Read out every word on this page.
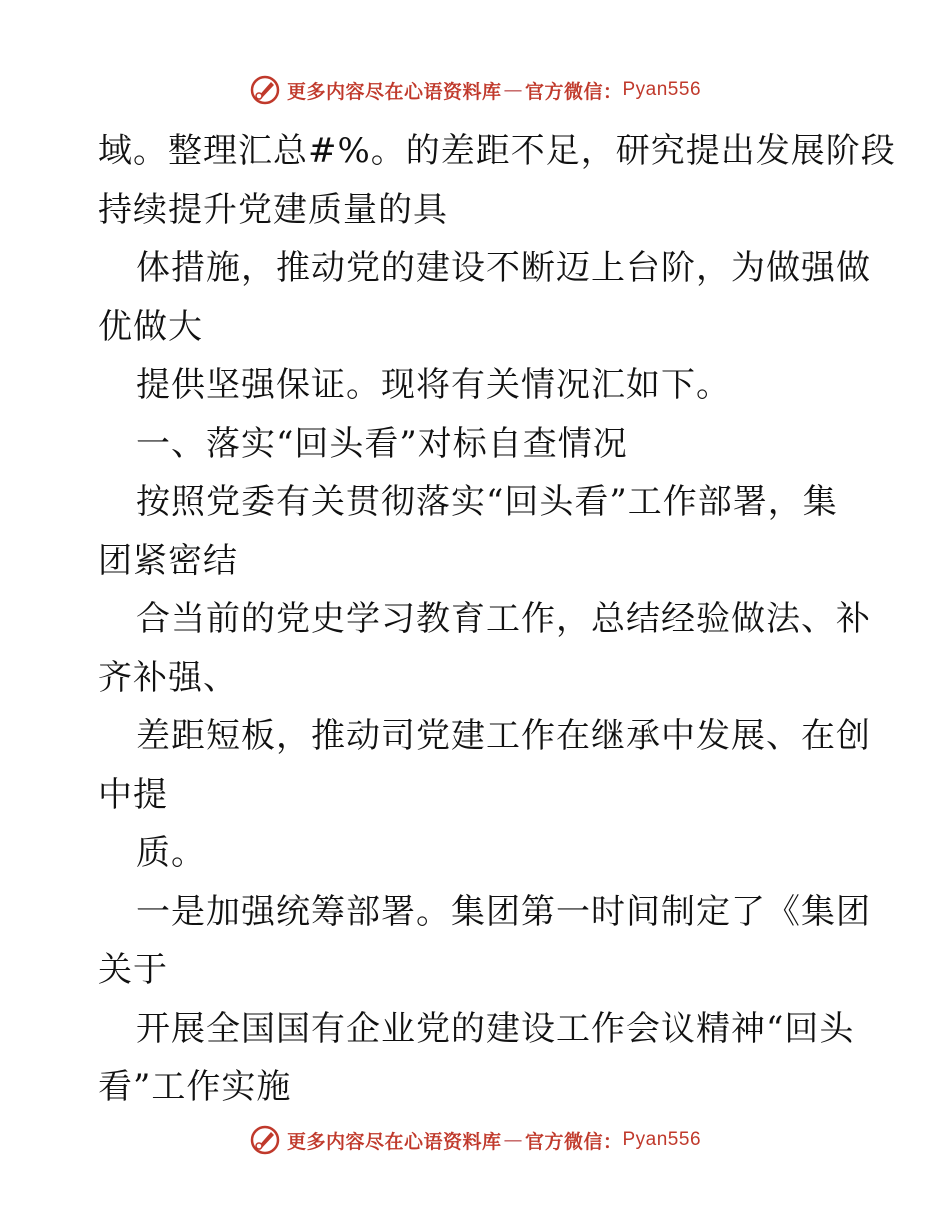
更多内容尽在心语资料库 — 官方微信： Pyan556
域。整理汇总#%。的差距不足，研究提出发展阶段
持续提升党建质量的具
体措施，推动党的建设不断迈上台阶，为做强做
优做大
提供坚强保证。现将有关情况汇如下。
一、落实“回头看”对标自查情况
按照党委有关贯彻落实“回头看”工作部署，集
团紧密结
合当前的党史学习教育工作，总结经验做法、补
齐补强、
差距短板，推动司党建工作在继承中发展、在创
中提
质。
一是加强统筹部署。集团第一时间制定了《集团
关于
开展全国国有企业党的建设工作会议精神“回头
看”工作实施
更多内容尽在心语资料库 — 官方微信： Pyan556
